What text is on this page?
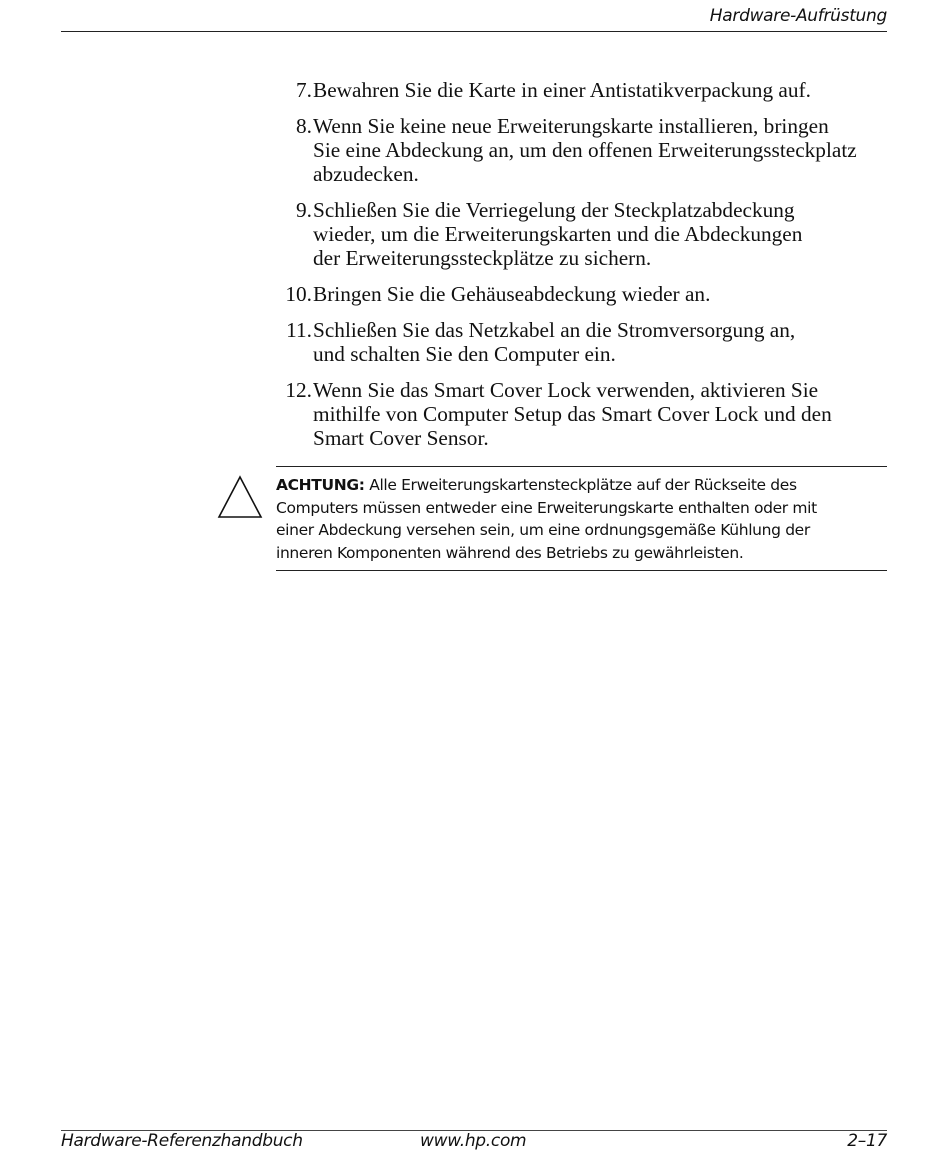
Hardware-Aufrüstung
7. Bewahren Sie die Karte in einer Antistatikverpackung auf.
8. Wenn Sie keine neue Erweiterungskarte installieren, bringen
Sie eine Abdeckung an, um den offenen Erweiterungssteckplatz
abzudecken.
9. Schließen Sie die Verriegelung der Steckplatzabdeckung
wieder, um die Erweiterungskarten und die Abdeckungen
der Erweiterungssteckplätze zu sichern.
10. Bringen Sie die Gehäuseabdeckung wieder an.
11. Schließen Sie das Netzkabel an die Stromversorgung an,
und schalten Sie den Computer ein.
12. Wenn Sie das Smart Cover Lock verwenden, aktivieren Sie
mithilfe von Computer Setup das Smart Cover Lock und den
Smart Cover Sensor.
ACHTUNG: Alle Erweiterungskartensteckplätze auf der Rückseite des
Computers müssen entweder eine Erweiterungskarte enthalten oder mit
einer Abdeckung versehen sein, um eine ordnungsgemäße Kühlung der
inneren Komponenten während des Betriebs zu gewährleisten.
Hardware-Referenzhandbuch	www.hp.com	2–17
